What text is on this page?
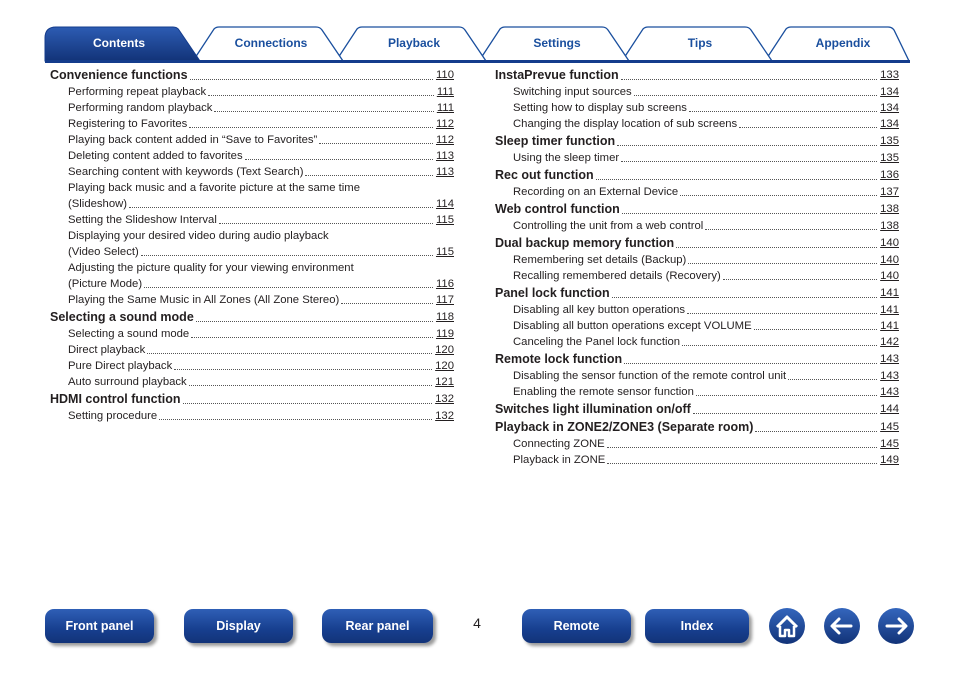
Contents	Connections	Playback	Settings	Tips	Appendix
Convenience functions	110
Performing repeat playback	111
Performing random playback	111
Registering to Favorites	112
Playing back content added in “Save to Favorites”	112
Deleting content added to favorites	113
Searching content with keywords (Text Search)	113
Playing back music and a favorite picture at the same time
(Slideshow)	114
Setting the Slideshow Interval	115
Displaying your desired video during audio playback
(Video Select)	115
Adjusting the picture quality for your viewing environment
(Picture Mode)	116
Playing the Same Music in All Zones (All Zone Stereo)	117
Selecting a sound mode	118
Selecting a sound mode	119
Direct playback	120
Pure Direct playback	120
Auto surround playback	121
HDMI control function	132
Setting procedure	132
InstaPrevue function	133
Switching input sources	134
Setting how to display sub screens	134
Changing the display location of sub screens	134
Sleep timer function	135
Using the sleep timer	135
Rec out function	136
Recording on an External Device	137
Web control function	138
Controlling the unit from a web control	138
Dual backup memory function	140
Remembering set details (Backup)	140
Recalling remembered details (Recovery)	140
Panel lock function	141
Disabling all key button operations	141
Disabling all button operations except VOLUME	141
Canceling the Panel lock function	142
Remote lock function	143
Disabling the sensor function of the remote control unit	143
Enabling the remote sensor function	143
Switches light illumination on/off	144
Playback in ZONE2/ZONE3 (Separate room)	145
Connecting ZONE	145
Playback in ZONE	149
Front panel	Display	Rear panel	4	Remote	Index
